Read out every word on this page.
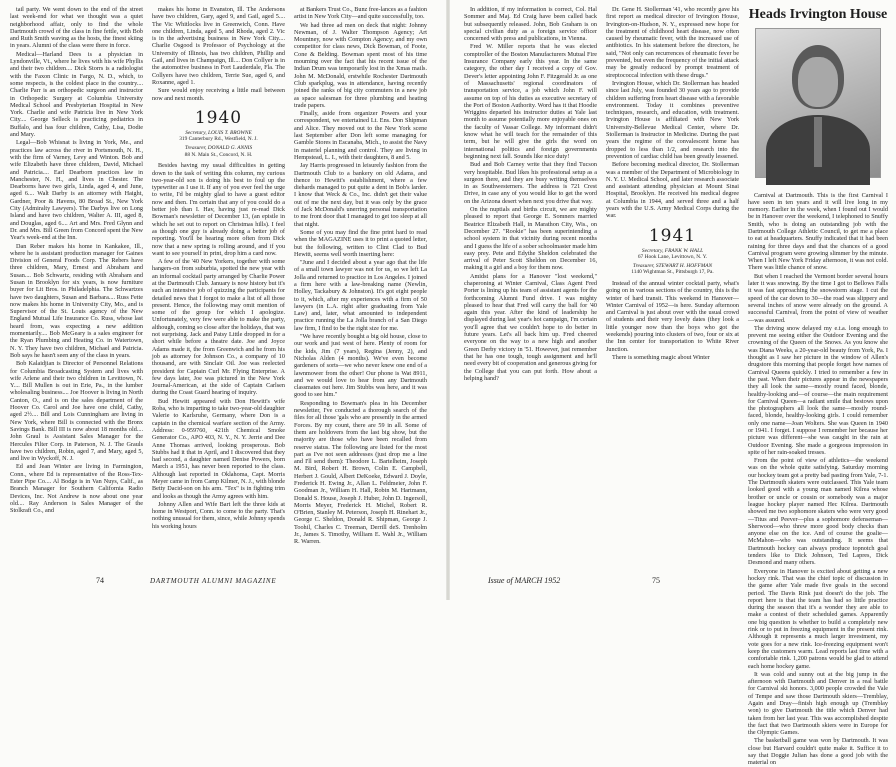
tail party. We went down to the end of the street last week-end for what we thought was a quiet neighborhood affair, only to find the whole Dartmouth crowd of the class in fine fettle, with Bob and Ruth Smith waving as the hosts, the finest skiing in years. Alumni of the class were there in force.

Medical—Harland Dees is a physician in Lyndonville, Vt., where he lives with his wife Phyllis and their two children.... Dick Storrs is a radiologist with the Faxon Clinic in Fargo, N. D., which, to some respects, is the coldest place in the country.... Charlie Parr is an orthopedic surgeon and instructor in Orthopedic Surgery at Columbia University Medical School and Presbyterian Hospital in New York. Charlie and wife Patricia live in New York City.... George Selleck is practicing pediatrics in Buffalo, and has four children, Cathy, Lisa, Dodie and Mary.

Legal—Bob Whisnat is living in York, Me., and practices law across the river in Portsmouth, N. H., with the firm of Varney, Levy and Winton. Bob and wife Elizabeth have three children, David, Michael and Patricia.... Earl Dearborn practices law in Manchester, N. H., and lives in Chester. The Dearborns have two girls, Linda, aged 4, and June, aged 6.... Walt Darby is an attorney with Haight, Gardner, Poor & Havens, 80 Broad St., New York City (Admiralty Lawyers). The Darbys live on Long Island and have two children, Walter A. III, aged 8, and Douglas, aged 6.... Art and Mrs. Fred Glynn and Dr. and Mrs. Bill Green from Concord spent the New Year's week-end at the Inn.

Dan Reber makes his home in Kankakee, Ill., where he is assistant production manager for Gaines Division of General Foods Corp. The Rebers have three children, Mary, Ernest and Abraham and Susan.... Bob Schwartz, residing with Abraham and Susan in Brooklyn for six years, is now furniture buyer for Lit Bros. in Philadelphia. The Schwartzes have two daughters, Susan and Barbara.... Russ Fette now makes his home in University City, Mo., and is Supervisor of the St. Louis agency of the New England Mutual Life Insurance Co. Russ, whose last heard from, was expecting a new addition momentarily.... Bob McGeary is a sales engineer for the Ryan Plumbing and Heating Co. in Watertown, N. Y. They have two children, Michael and Patricia. Bob says he hasn't seen any of the class in years.

Bob Kalaidjian is Director of Personnel Relations for Columbia Broadcasting System and lives with wife Arlene and their two children in Levittown, N. Y.... Bill Mullen is out in Erie, Pa., in the lumber wholesaling business.... Joe Hoover is living in North Canton, O., and is on the sales department of the Hoover Co. Carol and Joe have one child, Cathy, aged 2½.... Bill and Lois Cunningham are living in New York, where Bill is connected with the Bronx Savings Bank. Bill III is now about 18 months old.... John Graul is Assistant Sales Manager for the Hercules Filter Corp. in Paterson, N. J. The Grauls have two children, Robin, aged 7, and Mary, aged 5, and live in Wyckoff, N. J.

Ed and Jean Winter are living in Farmington, Conn., where Ed is representative of the Ross-Tex-Ester Pipe Co.... Al Bodge is in Van Nuys, Calif., as Branch Manager for Southern California Radio Devices, Inc. Not Andrew is now about one year old.... Ray Anderson is Sales Manager of the Stolkrafi Co., and

makes his home in Evanston, Ill. The Andersons have two children, Gary, aged 9, and Gail, aged 5.... The Vic Whitlocks live in Greenwich, Conn. Have one children, Linda, aged 5, and Rhoda, aged 2. Vic is in the advertising business in New York City.... Charlie Osgood is Professor of Psychology at the University of Illinois, has two children, Phillip and Gail, and lives in Champaign, Ill.... Don Collyer is in the automotive business in Fort Lauderdale, Fla. The Collyers have two children, Terrie Sue, aged 6, and Roxanne, aged 1.

Sure would enjoy receiving a little mail between now and next month.

1940
Secretary, LOUIS T. BROWNE
319 Canterbury Rd., Westfield, N. J.
Treasurer, DONALD G. ANNIS
88 N. Main St., Concord, N. H.

Besides having my usual difficulties in getting down to the task of writing this column, my curious two-year-old son is doing his best to foul up the typewriter as I use it. If any of you ever feel the urge to write, I'd be mighty glad to have a guest editor now and then. I'm certain that any of you could do a better job than I. Hav, having just re-read Dick Bowman's newsletter of December 13, (an epistle in which he set out to report on Christmas hills). I feel as though one guy is already doing a better job of reporting. You'll be hearing more often from Dick now that a new spring is rolling around, and if you want to see yourself in print, drop him a card now.

A few of the '40 New Yorkers, together with some hangers-on from suburbia, spotted the new year with an informal cocktail party arranged by Charlie Power at the Dartmouth Club. January is now history but it's such an intensive job of quizzing the participants for detailed news that I forgot to make a list of all those present. Hence, the following may omit mention of some of the group for which I apologize. Unfortunately, very few were able to make the party, although, coming so close after the holidays, that was not surprising. Jack and Patsy Little dropped in for a short while before a theatre date. Joe and Joyce Adams made it, the from Greenwich and he from his job as attorney for Johnson Co., a company of 10 thousand, are with Sinclair Oil. Joe was reelected president for Captain Curl Mr. Flying Enterprise. A few days later, Joe was pictured in the New York Journal-American, at the side of Captain Carlsen during the Coast Guard hearing of inquiry.

Bud Hewitt appeared with Don Hewitt's wife Roba, who is imparting to take two-year-old daughter Valerie to Karlsruhe, Germany, where Don is a captain in the chemical warfare section of the Army. Address: 0-959760, 421th Chemical Smoke Generator Co., APO 403, N. Y., N. Y. Jerrie and Dee Anne Thomas arrived, looking prosperous. Bob Stubbs had it that in April, and I discovered that they had second, a daughter named Denise Powers, born March a 1951, has never been reported to the class. Although last reported in Oklahoma, Capt. Morris Meyer came in from Camp Kilmer, N. J., with blonde Betty Dacid-son on his arm. "Tex" is in fighting trim and looks as though the Army agrees with him.

Johnny Allen and Wife Bart left the three kids at home in Westport, Conn. to come to the party. That's nothing unusual for them, since, while Johnny spends his working hours

at Bankers Trust Co., Bunz free-lances as a fashion artist in New York City—and quite successfully, too.

We had three ad men on deck that night: Johnny Newman, of J. Walter Thompson Agency; Art Mountney, now with Compton Agency; and my own competitor for class news, Dick Bowman, of Foote, Cone & Belding. Bowman spent most of his time mourning over the fact that his recent issue of the Indian Drum was temporarily lost in the Xmas mails. John M. McDonald, erstwhile Rochester Dartmouth Club sparkplug, was in attendance, having recently joined the ranks of big city commuters in a new job as space salesman for three plumbing and heating trade papers.

Finally, aside from organizer Powers and your correspondent, we entertained Lt. Ens. Don Shipman and Alice. They moved out to the New York scene last September after Don left some managing for Gamble Stores in Escanaba, Mich., to assist the Navy in materiel planning and control. They are living in Hempstead, L. I., with their daughters, 8 and 5.

Jay Harris progressed in leisurely fashion from the Dartmouth Club to a bankery on old Adams, and thence to Hewitt's establishment, where a few diehards managed to put quite a dent in Bob's larder. I know that Weck & Co., Inc. didn't get their value out of me the next day, but it was only by the grace of Jack McDonald's unerring personal transportation to me front door that I managed to get too sleep at all that night.

Some of you may find the fine print hard to read when the MAGAZINE uses it to print a quoted letter, but the following, written to Clint Clad to Bud Hewitt, seems well worth inserting here:

"June and I decided about a year ago that the life of a small town lawyer was not for us, so we left La Jolla and returned to practice in Los Angeles. I joined a firm here with a law-breaking name (Newlin, Holley, Tackabury & Johnston). It's got eight people to it, which, after my experiences with a firm of 50 lawyers (in L.A. right after graduating from Yale Law) and, later, what amounted to independent practice running the La Jolla branch of a San Diego law firm, I find to be the right size for me.

"We have recently bought a big old house, close to our work and just west of here. Plenty of room for the kids, Jim (7 years), Regina (Jenny, 2), and Nicholas Alden (4 months). We've even become gardeners of sorts—we who never knew one end of a lawnmower from the other! Our phone is Wat 8911, and we would love to hear from any Dartmouth classmates out here. Jim Stubbs was here, and it was good to see him."

Responding to Bowman's plea in his December newsletter, I've conducted a thorough search of the files for all those 'gals who are presently in the armed Forces. By my count, there are 59 in all. Some of them are holdovers from the last big show, but the majority are those who have been recalled from reserve status. The following are listed for the most part as I've not seen addresses (just drop me a line and I'll send them): Theodore L. Bartelheim, Joseph M. Bird, Robert H. Brown, Colin E. Campbell, Herbert J. Gould, Albert DeKoeke, Edward J. Doyle, Frederick H. Ewing Jr., Allan L. Feldmeier, John F. Goodman Jr., William H. Hall, Robin M. Hartmann, Donald S. House, Joseph J. Huber, John D. Ingersoll, Morris Meyer, Frederick H. Michel, Robert R. O'Brien, Stanley M. Peterson, Joseph H. Rinehart Jr., George C. Sheldon, Donald R. Shipman, George J. Toohil, Charles C. Treeman, Derrill deS. Trenholm Jr., James S. Timothy, William E. Wahl Jr., William R. Warren.

74	DARTMOUTH ALUMNI MAGAZINE

In addition, if my information is correct, Col. Hal Sommer and Maj. Ed Craig have been called back but subsequently released. John, Bob Graham is on special civilian duty as a foreign service officer concerned with press and publications, in Vienna.

Fred W. Miller reports that he was elected comptroller of the Boston Manufacturers Mutual Fire Insurance Company early this year. In the same category, the other day I received a copy of Gov. Dever's letter appointing John F. Fitzgerald Jr. as one of Massachusetts' regional coordinators of transportation service, a job which John F. will assume on top of his duties as executive secretary of the Port of Boston Authority. Word has it that Hoodie Wriggins departed his instructor duties at Yale last month to assume potentially more enjoyable ones on the faculty of Vassar College. My informant didn't know what he will teach for the remainder of this term, but he will give the girls the word on international politics and foreign governments beginning next fall. Sounds like nice duty!

Bud and Bob Carney write that they find Tucson very hospitable. Bud likes his professional setup as a surgeon there, and they are busy writing themselves in as Southwesterners. The address is 721 Crest Drive, in case any of you would like to get the word on the Arizona desert when next you drive that way.

On the nuptials and births circuit, we are mighty pleased to report that George E. Somners married Beatrice Elizabeth Hall, in Marathon City, Wis., on December 27. "Rookie" has been superintending a school system in that vicinity during recent months and I guess the life of a sober schoolmaster made him easy prey. Pete and Edythe Sheldon celebrated the arrival of Peter Scott Sheldon on December 16, making it a girl and a boy for them now.

Amidst plans for a Hanover "lost weekend," chaperoning at Winter Carnival, Class Agent Fred Porter is lining up his team of assistant agents for the forthcoming Alumni Fund drive. I was mighty pleased to hear that Fred will carry the ball for '40 again this year. After the kind of leadership he displayed during last year's hot campaign, I'm certain you'll agree that we couldn't hope to do better in future years. Let's all back him up. Fred cheered everyone on the way to a new high and another Green Derby victory in '51. However, just remember that he has one tough, tough assignment and he'll need every bit of cooperation and generous giving for the College that you can put forth. How about a helping hand?

Dr. Gene H. Stollerman '41, who recently gave his first report as medical director of Irvington House, Irvington-on-Hudson, N. Y., expressed new hope for the treatment of childhood heart disease, now often caused by rheumatic fever, with the increased use of antibiotics. In his statement before the directors, he said, "Not only can recurrences of rheumatic fever be prevented, but even the frequency of the initial attack may be greatly reduced by prompt treatment of streptococcal infection with these drugs."

Irvington House, which Dr. Stollerman has headed since last July, was founded 30 years ago to provide children suffering from heart disease with a favorable environment. Today it combines preventive techniques, research, and education, with treatment. Irvington House is affiliated with New York University-Bellevue Medical Center, where Dr. Stollerman is Instructor in Medicine. During the past years the regime of the convalescent home has dropped to less than 1/2, and research into the prevention of cardiac child has been greatly lessened.

Before becoming medical director, Dr. Stollerman was a member of the Department of Microbiology in N. Y. U. Medical School, and later research associate and assistant attending physician at Mount Sinai Hospital, Brooklyn. He received his medical degree at Columbia in 1944, and served three and a half years with the U.S. Army Medical Corps during the war.

1941
Secretary, FRANK W. HALL
67 Hook Lane, Levittown, N. Y.
Treasurer, STEWART H. HOFFMAN
1140 Wightman St., Pittsburgh 17, Pa.

Instead of the annual winter cocktail party, what's going on in various sections of the country, this is the winter of hard transit. This weekend in Hanover—Winter Carnival of 1952—is here. Sunday afternoon and Carnival is just about over with the usual crowd of students and their very lovely dates (they look a little younger now than the boys who got the weekends) pouring into clusters of two, four or six at the Inn center for transportation to White River Junction.

There is something magic about Winter

Heads Irvington House

Carnival at Dartmouth. This is the first Carnival I have seen in ten years and it will live long in my memory. Earlier in the week, when I found out I would be in Hanover over the weekend, I telephoned to Snuffy Smith, who is doing an outstanding job with the Dartmouth College Athletic Council, to get me a place to eat at headquarters. Snuffy indicated that it had been raining for three days and that the chances of a good Carnival program were growing slimmer by the minute. When I left New York Friday afternoon, it was not cold. There was little chance of snow.

But when I reached the Vermont border several hours later it was snowing. By the time I got to Bellows Falls it was fast approaching the snowstorm stage. I cut the speed of the car down to 30—the road was slippery and several inches of snow were already on the ground. A successful Carnival, from the point of view of weather—was assured.

The driving snow delayed my e.t.a. long enough to prevent me seeing either the Outdoor Evening and the crowning of the Queen of the Snows. As you know she was Diana Weeks, a 20-year-old beauty from York, Pa. I thought as I saw her picture in the window of Allen's drugstore this morning that people forget how names of Carnival Queens quickly. I tried to remember a few in the past. When their pictures appear in the newspapers they all look the same—mostly round faced, blonde, healthy-looking and—of course—the main requirement for Carnival Queen—a radiant smile that bestows upon the photographers all look the same—mostly round-faced, blonde, healthy-looking girls. I could remember only one name—Joan Wolters. She was Queen in 1940 or 1941. I forget. I suppose I remember her because her picture was different—she was caught in the rain at Outdoor Evening. She made a gorgeous impression in spite of her rain-soaked tresses.

From the point of view of athletics—the weekend was on the whole quite satisfying. Saturday morning our hockey team got a pretty bad pasting from Yale, 7-1. The Dartmouth skaters were outclassed. This Yale team looked good with a young man named Kilrea whose brother or uncle or cousin or somebody was a major league hockey player named Hec Kilrea. Dartmouth showed me two sophomore skaters who were very good—Titus and Peever—plus a sophomore defenseman—Sherwood—who threw more good body checks than anyone else on the ice. And of course the goalie—McMahon—who was outstanding. It seems that Dartmouth hockey can always produce topnotch goal tenders like to Dick Johnson, Ted Lapres, Dick Desmond and many others.

Everyone in Hanover is excited about getting a new hockey rink. That was the chief topic of discussion in the game after Yale made five goals in the second period. The Davis Rink just doesn't do the job. The report here is that the team has had so little practice during the season that it's a wonder they are able to make a contest of their scheduled games. Apparently one big question is whether to build a completely new rink or to put in freezing equipment in the present rink. Although it represents a much larger investment, my vote goes for a new rink. Ice-freezing equipment won't keep the customers warm. Lead reports last time with a comfortable rink. 1,200 patrons would be glad to attend each home hockey game.

It was cold and sunny out at the big jump in the afternoon with Dartmouth and Denver in a real battle for Carnival ski honors. 3,000 people crowded the Vale of Tempe and saw those Dartmouth skiers—Tremblay, Again and Dray—finish high enough up (Tremblay won) to give Dartmouth the title which Denver had taken from her last year. This was accomplished despite the fact that two Dartmouth skiers were in Europe for the Olympic Games.

The basketball game was won by Dartmouth. It was close but Harvard couldn't quite make it. Suffice it to say that Doggie Julian has done a good job with the material on

Issue of MARCH 1952	75
